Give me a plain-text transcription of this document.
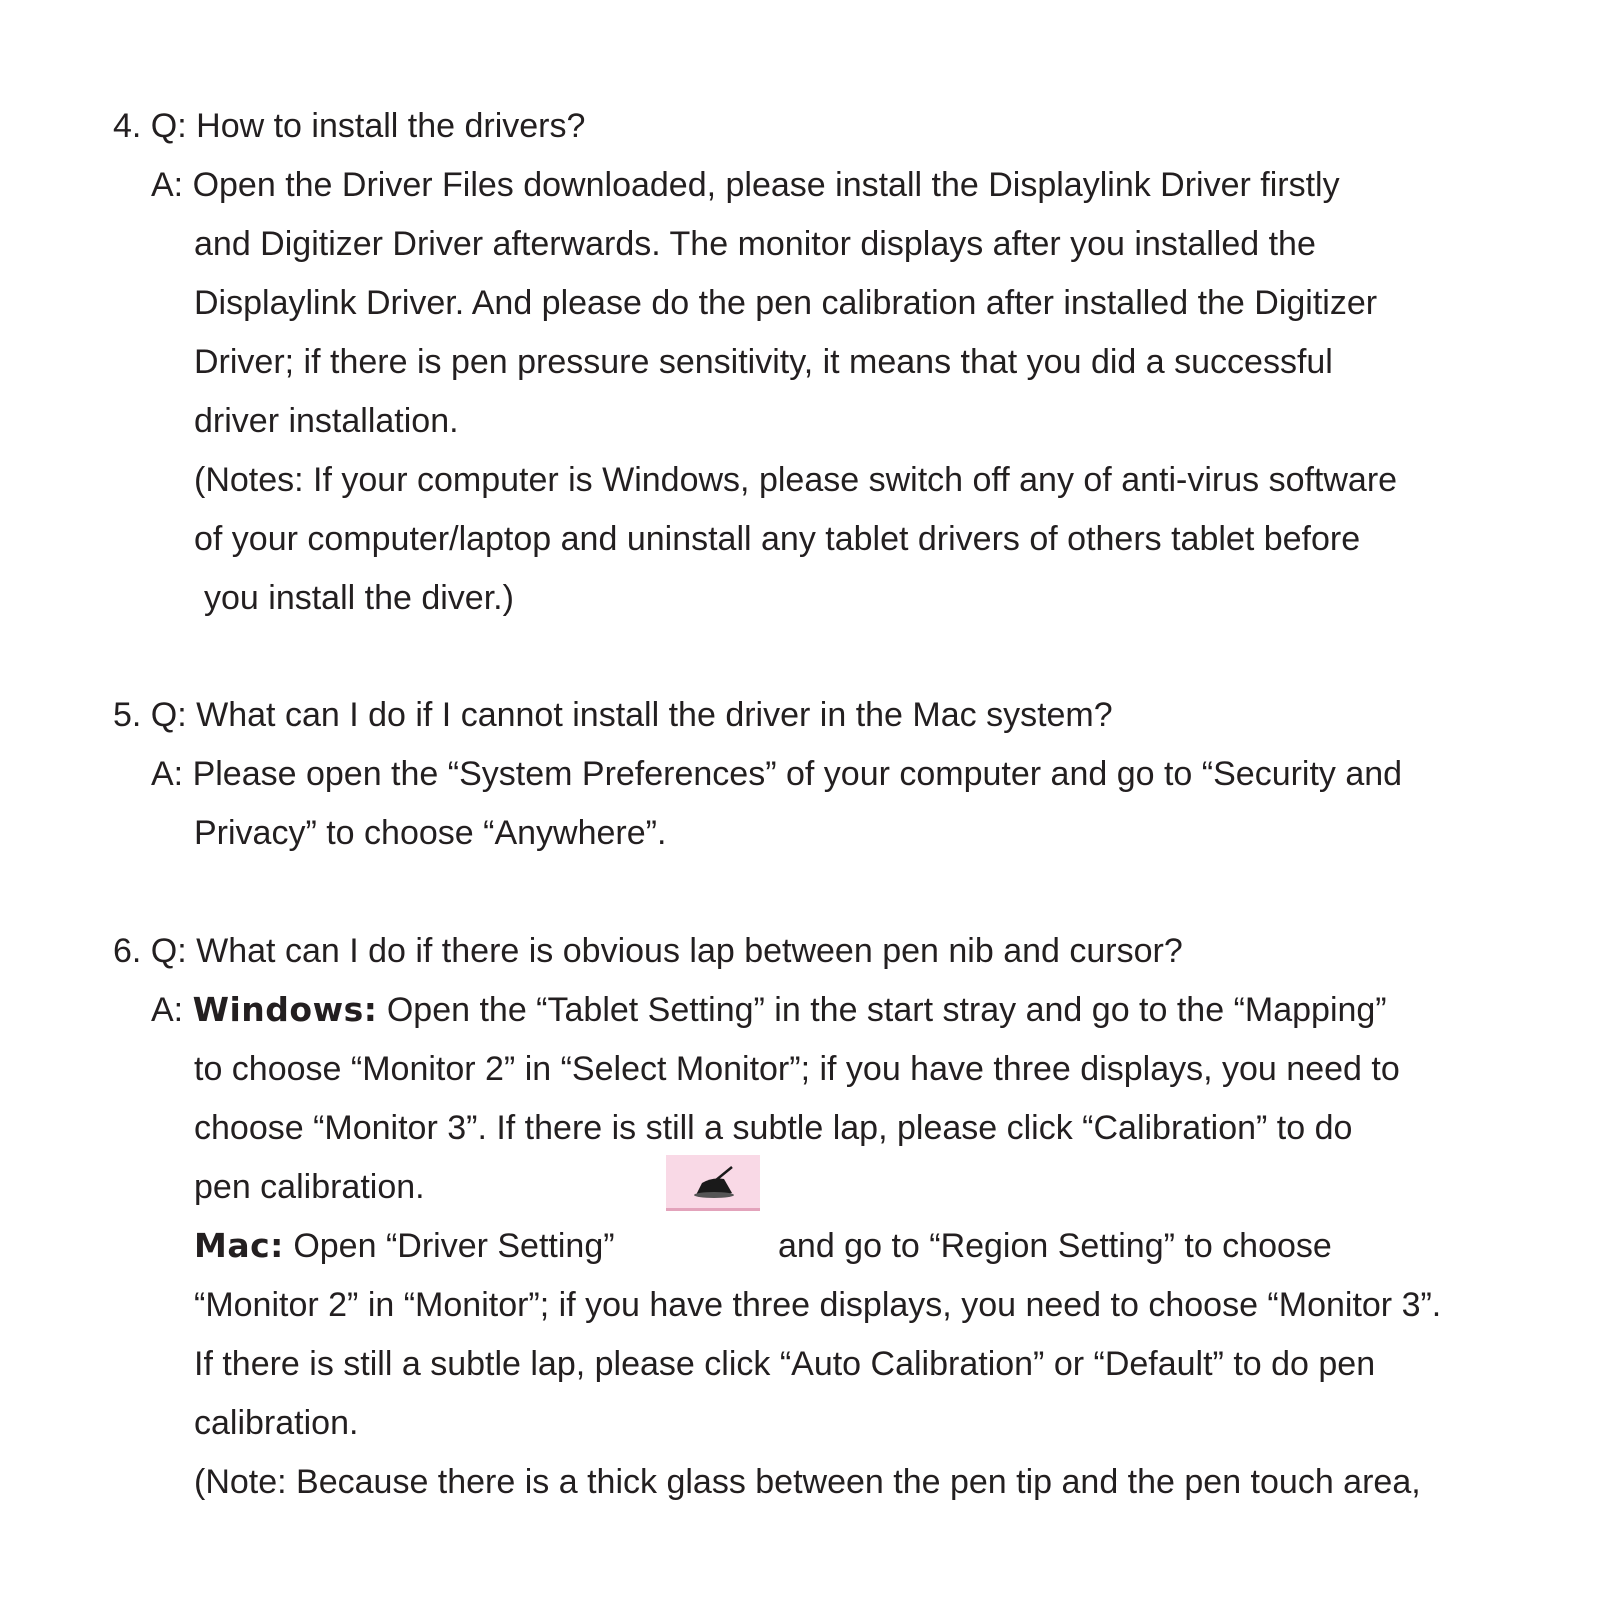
4. Q: How to install the drivers?
A: Open the Driver Files downloaded, please install the Displaylink Driver firstly
and Digitizer Driver afterwards. The monitor displays after you installed the
Displaylink Driver. And please do the pen calibration after installed the Digitizer
Driver; if there is pen pressure sensitivity, it means that you did a successful
driver installation.
(Notes: If your computer is Windows, please switch off any of anti-virus software
of your computer/laptop and uninstall any tablet drivers of others tablet before
you install the diver.)
5. Q: What can I do if I cannot install the driver in the Mac system?
A: Please open the “System Preferences” of your computer and go to “Security and
Privacy” to choose “Anywhere”.
6. Q: What can I do if there is obvious lap between pen nib and cursor?
A: Windows: Open the “Tablet Setting” in the start stray and go to the “Mapping”
to choose “Monitor 2” in “Select Monitor”; if you have three displays, you need to
choose “Monitor 3”. If there is still a subtle lap, please click “Calibration” to do
pen calibration.
Mac: Open “Driver Setting”	and go to “Region Setting” to choose
“Monitor 2” in “Monitor”; if you have three displays, you need to choose “Monitor 3”.
If there is still a subtle lap, please click “Auto Calibration” or “Default” to do pen
calibration.
(Note: Because there is a thick glass between the pen tip and the pen touch area,
